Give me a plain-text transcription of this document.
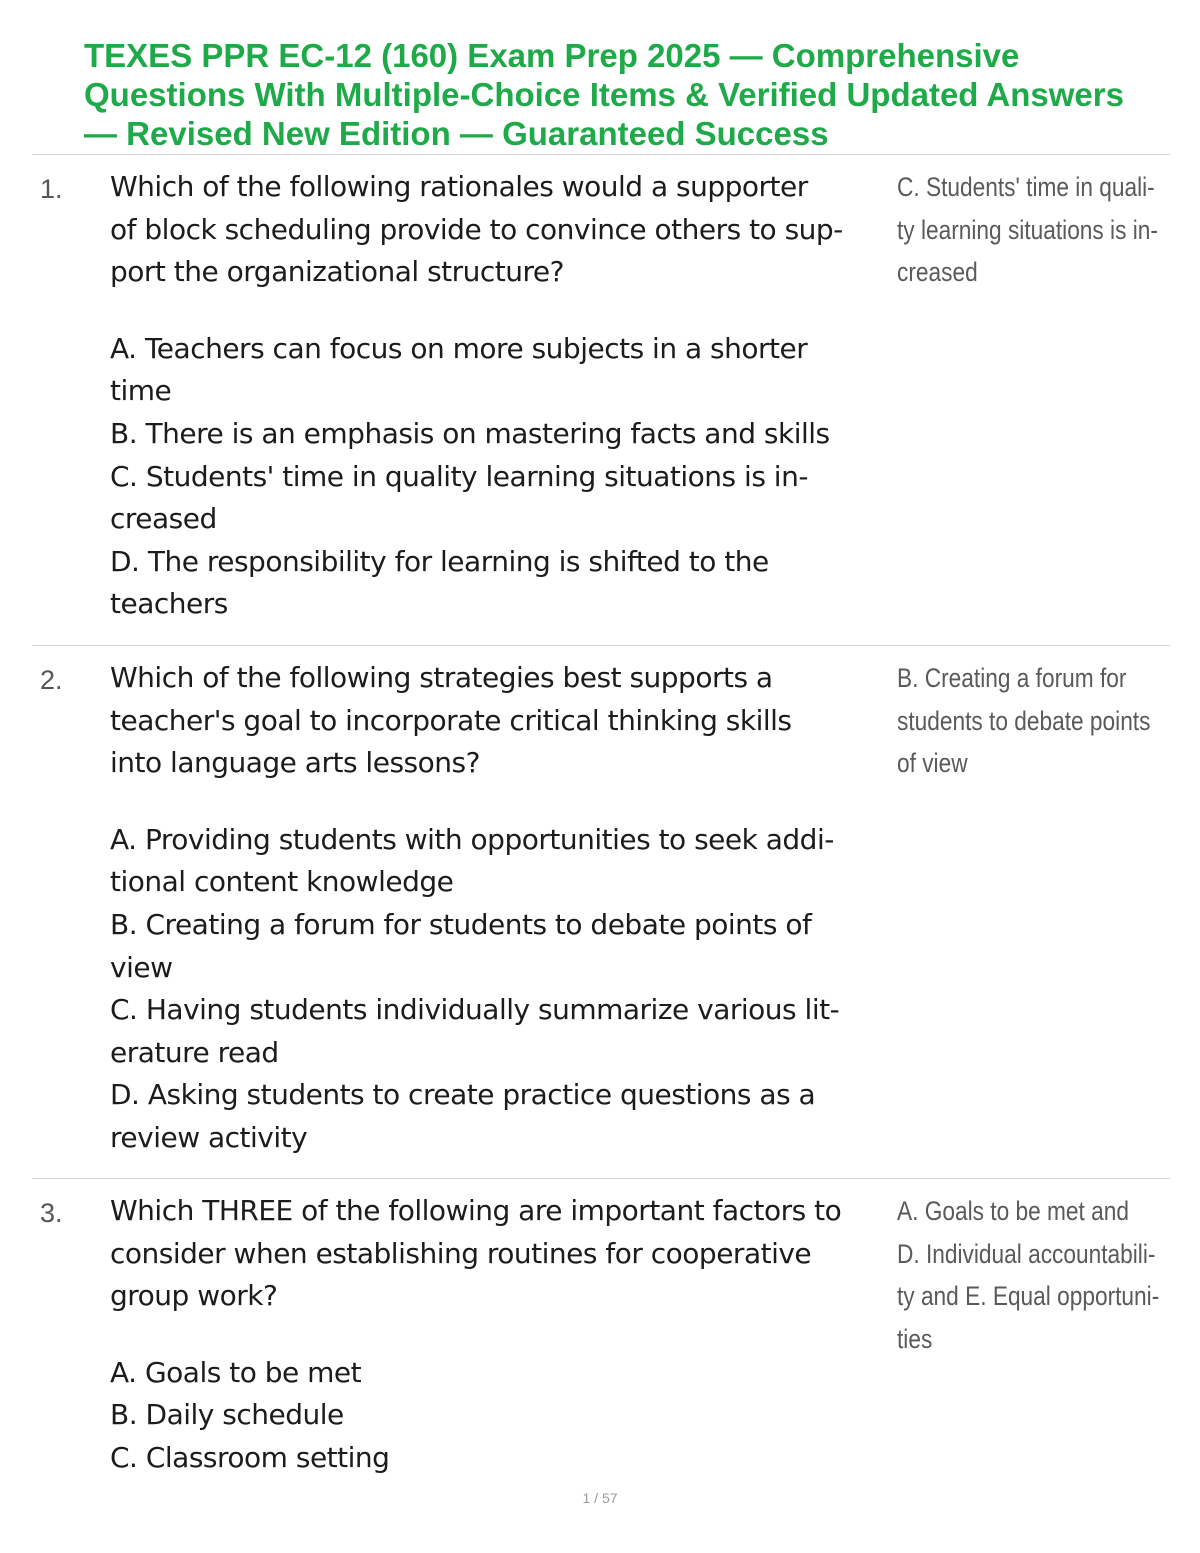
TEXES PPR EC-12 (160) Exam Prep 2025 — Comprehensive
Questions With Multiple-Choice Items & Verified Updated Answers
— Revised New Edition — Guaranteed Success
1. Which of the following rationales would a supporter
of block scheduling provide to convince others to sup-
port the organizational structure?
A. Teachers can focus on more subjects in a shorter
time
B. There is an emphasis on mastering facts and skills
C. Students' time in quality learning situations is in-
creased
D. The responsibility for learning is shifted to the
teachers
C. Students' time in quali-
ty learning situations is in-
creased
2. Which of the following strategies best supports a
teacher's goal to incorporate critical thinking skills
into language arts lessons?
A. Providing students with opportunities to seek addi-
tional content knowledge
B. Creating a forum for students to debate points of
view
C. Having students individually summarize various lit-
erature read
D. Asking students to create practice questions as a
review activity
B. Creating a forum for
students to debate points
of view
3. Which THREE of the following are important factors to
consider when establishing routines for cooperative
group work?
A. Goals to be met
B. Daily schedule
C. Classroom setting
A. Goals to be met and
D. Individual accountabili-
ty and E. Equal opportuni-
ties
1 / 57
